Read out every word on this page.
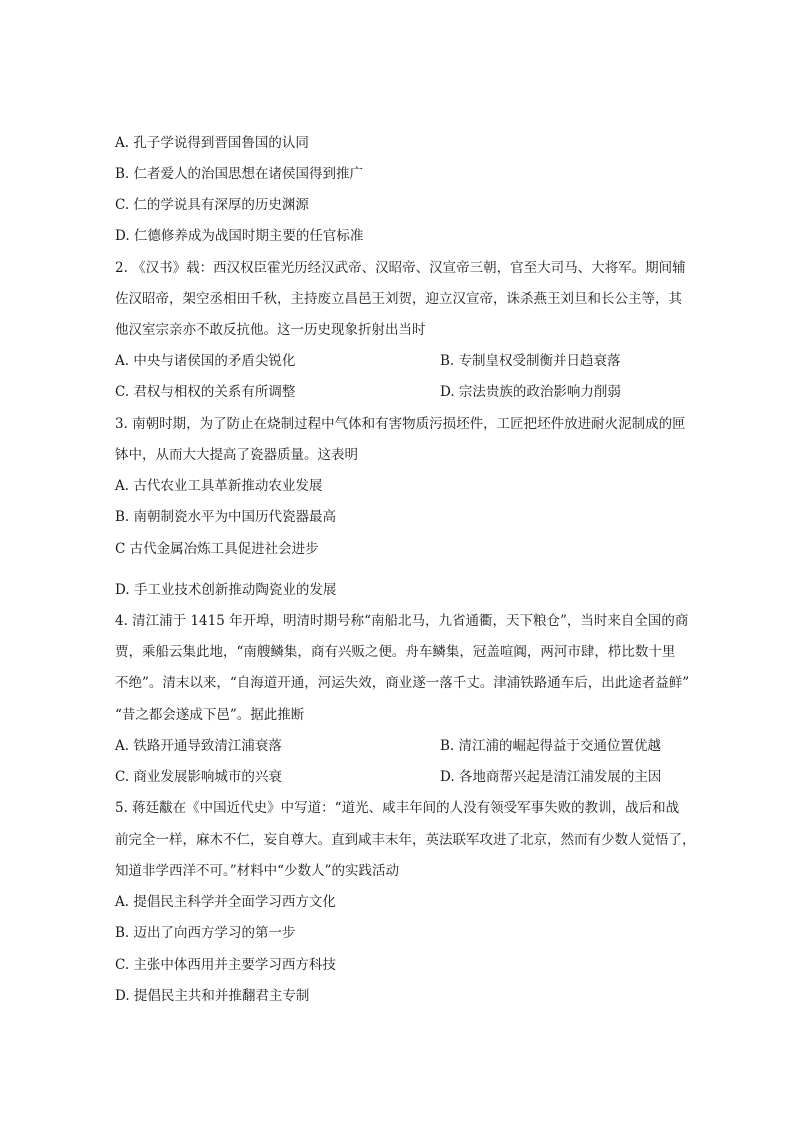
A. 孔子学说得到晋国鲁国的认同
B. 仁者爱人的治国思想在诸侯国得到推广
C. 仁的学说具有深厚的历史渊源
D. 仁德修养成为战国时期主要的任官标准
2. 《汉书》载：西汉权臣霍光历经汉武帝、汉昭帝、汉宣帝三朝，官至大司马、大将军。期间辅
佐汉昭帝，架空丞相田千秋，主持废立昌邑王刘贺，迎立汉宣帝，诛杀燕王刘旦和长公主等，其
他汉室宗亲亦不敢反抗他。这一历史现象折射出当时
A. 中央与诸侯国的矛盾尖锐化	B. 专制皇权受制衡并日趋衰落
C. 君权与相权的关系有所调整	D. 宗法贵族的政治影响力削弱
3. 南朝时期，为了防止在烧制过程中气体和有害物质污损坯件，工匠把坯件放进耐火泥制成的匣
钵中，从而大大提高了瓷器质量。这表明
A. 古代农业工具革新推动农业发展
B. 南朝制瓷水平为中国历代瓷器最高
C 古代金属冶炼工具促进社会进步
D. 手工业技术创新推动陶瓷业的发展
4. 清江浦于 1415 年开埠，明清时期号称“南船北马，九省通衢，天下粮仓”，当时来自全国的商
贾，乘船云集此地，“南艘鳞集，商有兴贩之便。舟车鳞集，冠盖喧阗，两河市肆，栉比数十里
不绝”。清末以来，“自海道开通，河运失效，商业遂一落千丈。津浦铁路通车后，出此途者益鲜”
“昔之都会遂成下邑”。据此推断
A. 铁路开通导致清江浦衰落	B. 清江浦的崛起得益于交通位置优越
C. 商业发展影响城市的兴衰	D. 各地商帮兴起是清江浦发展的主因
5. 蒋廷黻在《中国近代史》中写道：“道光、咸丰年间的人没有领受军事失败的教训，战后和战
前完全一样，麻木不仁，妄自尊大。直到咸丰末年，英法联军攻进了北京，然而有少数人觉悟了，
知道非学西洋不可。”材料中“少数人”的实践活动
A. 提倡民主科学并全面学习西方文化
B. 迈出了向西方学习的第一步
C. 主张中体西用并主要学习西方科技
D. 提倡民主共和并推翻君主专制
